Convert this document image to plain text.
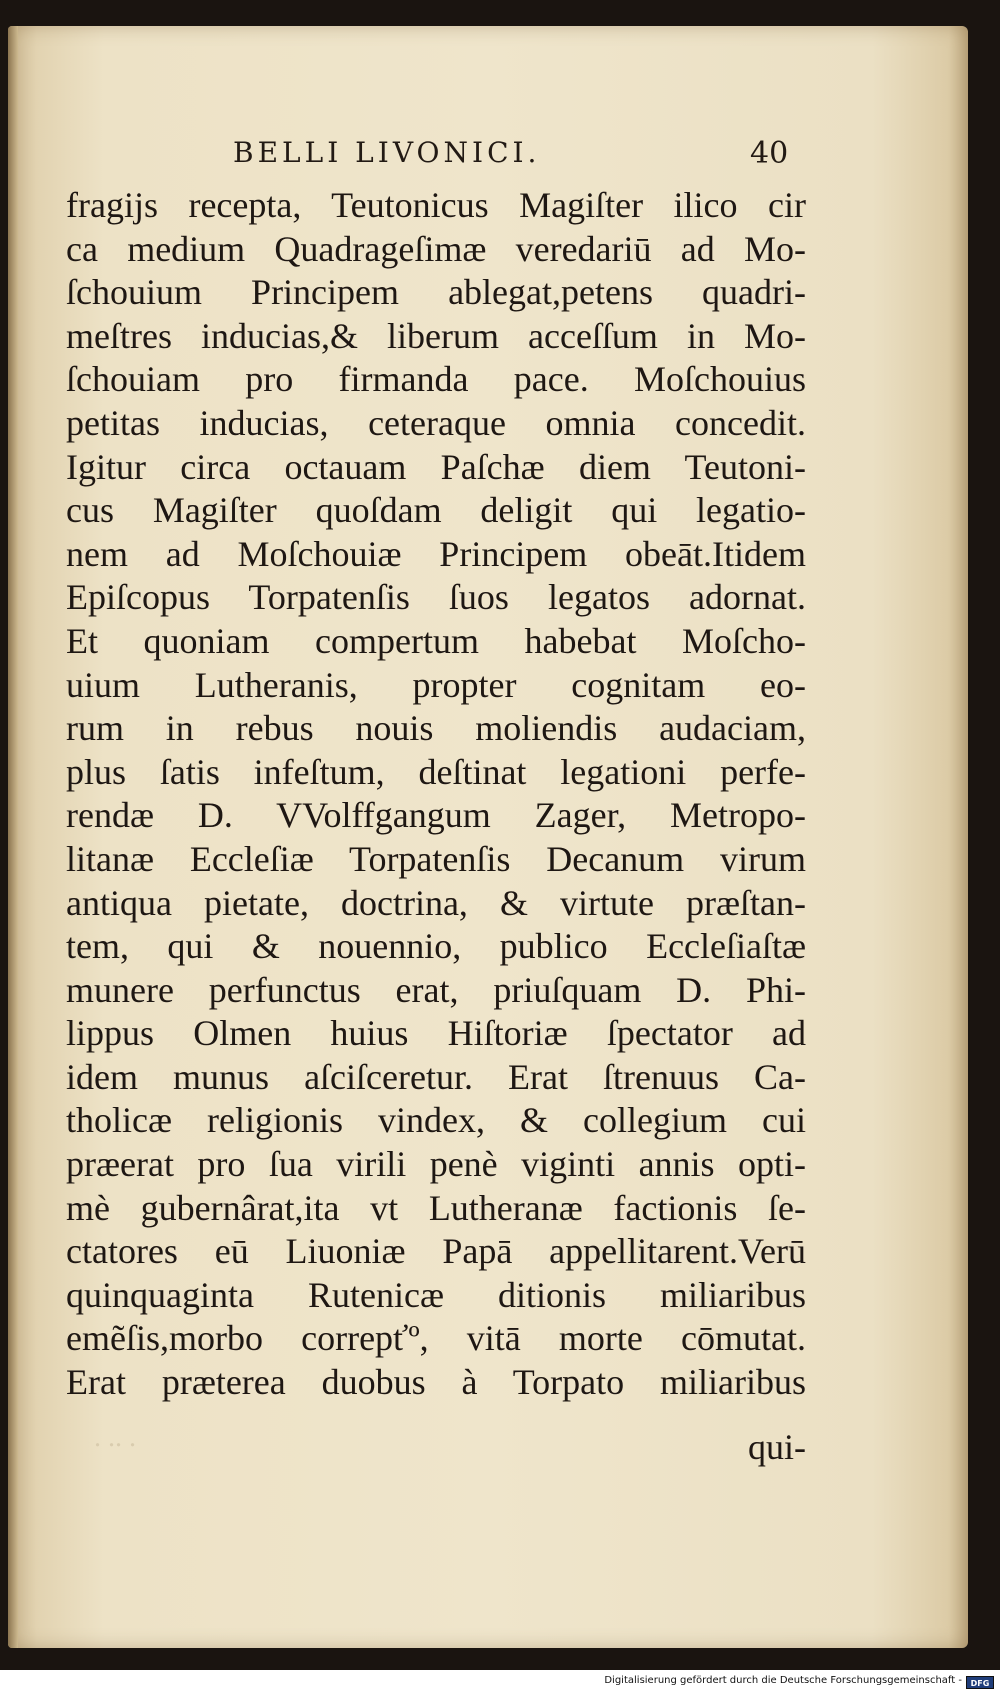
BELLI LIVONICI.	40
fragijs recepta, Teutonicus Magiſter ilico cir
ca medium Quadrageſimæ veredariū ad Mo-
ſchouium Principem ablegat,petens quadri-
meſtres inducias,& liberum acceſſum in Mo-
ſchouiam pro firmanda pace. Moſchouius
petitas inducias, ceteraque omnia concedit.
Igitur circa octauam Paſchæ diem Teutoni-
cus Magiſter quoſdam deligit qui legatio-
nem ad Moſchouiæ Principem obeāt.Itidem
Epiſcopus Torpatenſis ſuos legatos adornat.
Et quoniam compertum habebat Moſcho-
uium Lutheranis, propter cognitam eo-
rum in rebus nouis moliendis audaciam,
plus ſatis infeſtum, deſtinat legationi perfe-
rendæ D. VVolffgangum Zager, Metropo-
litanæ Eccleſiæ Torpatenſis Decanum virum
antiqua pietate, doctrina, & virtute præſtan-
tem, qui & nouennio, publico Eccleſiaſtæ
munere perfunctus erat, priuſquam D. Phi-
lippus Olmen huius Hiſtoriæ ſpectator ad
idem munus aſciſceretur. Erat ſtrenuus Ca-
tholicæ religionis vindex, & collegium cui
præerat pro ſua virili penè viginti annis opti-
mè gubernârat,ita vt Lutheranæ factionis ſe-
ctatores eū Liuoniæ Papā appellitarent.Verū
quinquaginta Rutenicæ ditionis miliaribus
emẽſis,morbo correpťº, vitā morte cōmutat.
Erat præterea duobus à Torpato miliaribus
∙ ∙∙ ∙	qui-
Digitalisierung gefördert durch die Deutsche Forschungsgemeinschaft -	DFG
